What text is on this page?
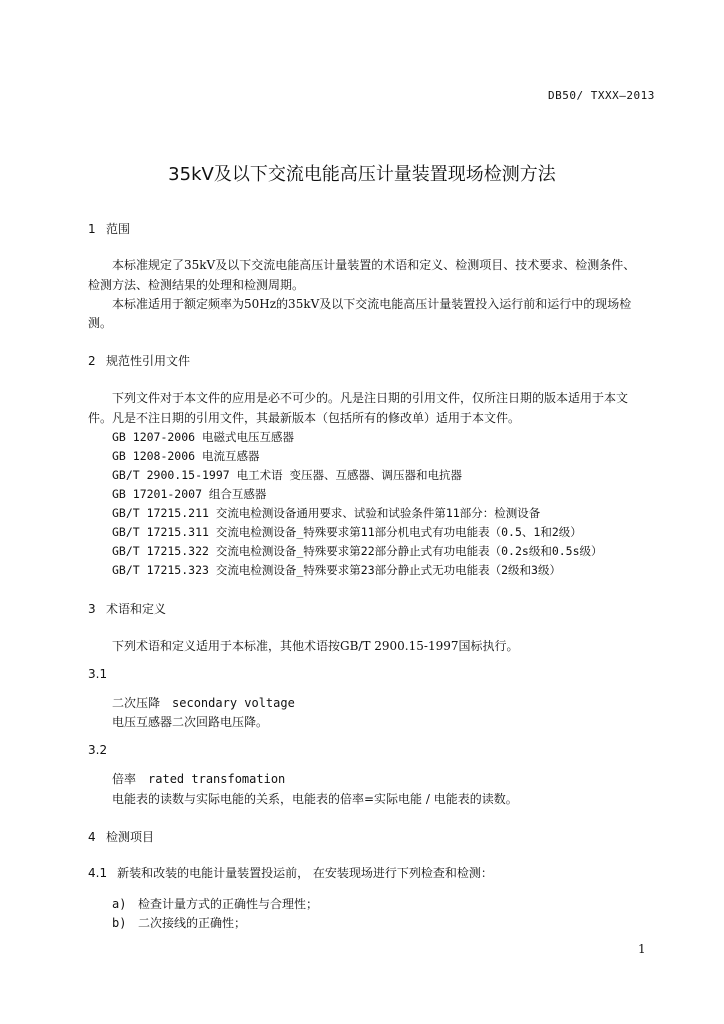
DB50/ TXXX—2013
35kV及以下交流电能高压计量装置现场检测方法
1 范围
本标准规定了35kV及以下交流电能高压计量装置的术语和定义、检测项目、技术要求、检测条件、
检测方法、检测结果的处理和检测周期。
本标准适用于额定频率为50Hz的35kV及以下交流电能高压计量装置投入运行前和运行中的现场检
测。
2 规范性引用文件
下列文件对于本文件的应用是必不可少的。凡是注日期的引用文件，仅所注日期的版本适用于本文
件。凡是不注日期的引用文件，其最新版本（包括所有的修改单）适用于本文件。
GB 1207-2006 电磁式电压互感器
GB 1208-2006 电流互感器
GB/T 2900.15-1997 电工术语 变压器、互感器、调压器和电抗器
GB 17201-2007 组合互感器
GB/T 17215.211 交流电检测设备通用要求、试验和试验条件第11部分：检测设备
GB/T 17215.311 交流电检测设备_特殊要求第11部分机电式有功电能表（0.5、1和2级）
GB/T 17215.322 交流电检测设备_特殊要求第22部分静止式有功电能表（0.2s级和0.5s级）
GB/T 17215.323 交流电检测设备_特殊要求第23部分静止式无功电能表（2级和3级）
3 术语和定义
下列术语和定义适用于本标准，其他术语按GB/T 2900.15-1997国标执行。
3.1
二次压降 secondary voltage
电压互感器二次回路电压降。
3.2
倍率 rated transfomation
电能表的读数与实际电能的关系，电能表的倍率=实际电能 / 电能表的读数。
4 检测项目
4.1 新装和改装的电能计量装置投运前， 在安装现场进行下列检查和检测：
a) 检查计量方式的正确性与合理性；
b) 二次接线的正确性；
1
